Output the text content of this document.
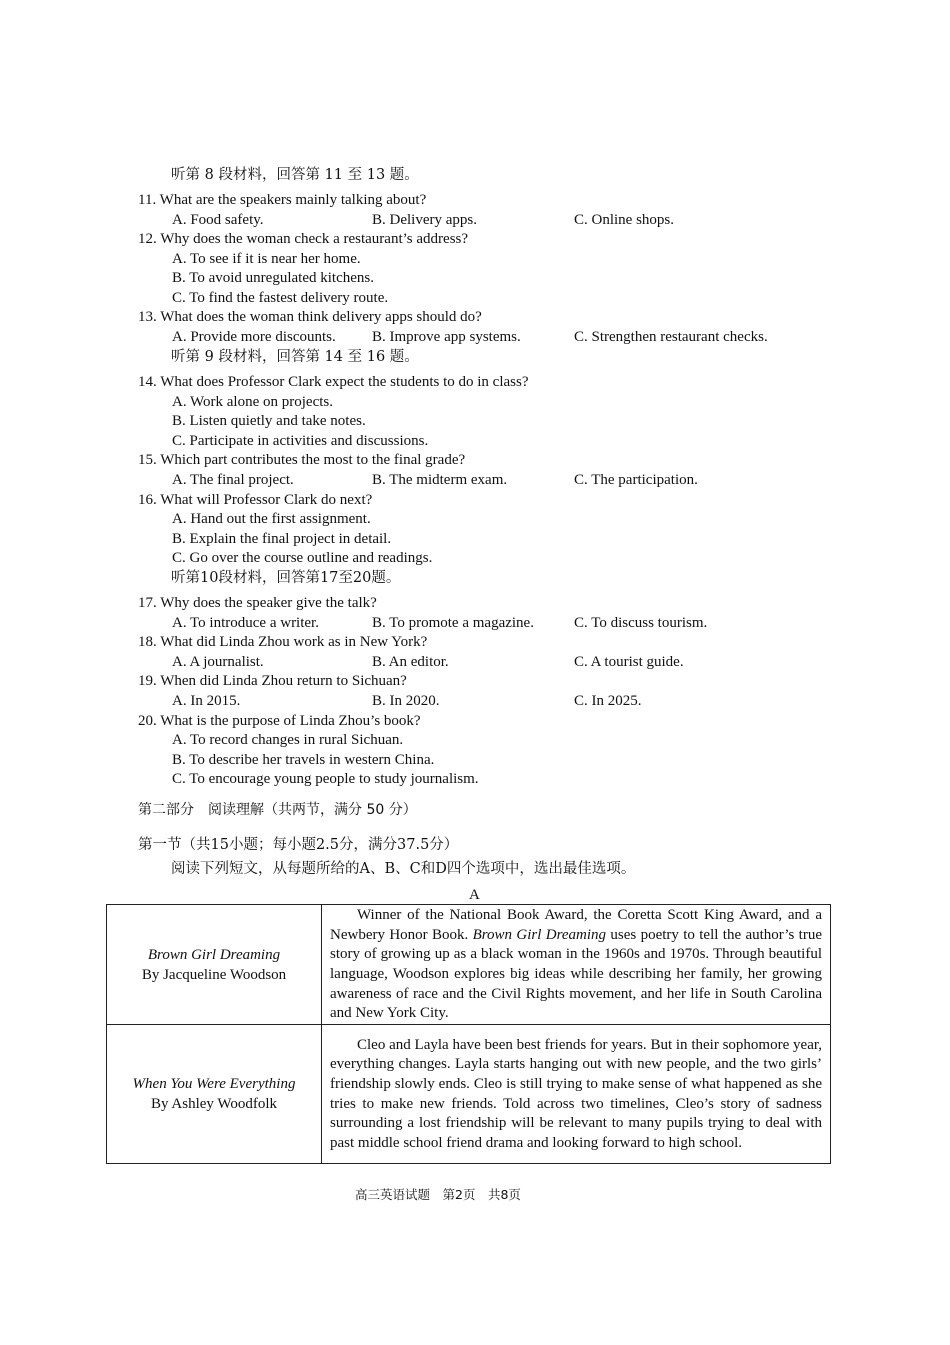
听第 8 段材料，回答第 11 至 13 题。
11. What are the speakers mainly talking about?
A. Food safety.	B. Delivery apps.	C. Online shops.
12. Why does the woman check a restaurant’s address?
A. To see if it is near her home.
B. To avoid unregulated kitchens.
C. To find the fastest delivery route.
13. What does the woman think delivery apps should do?
A. Provide more discounts. B. Improve app systems.	C. Strengthen restaurant checks.
听第 9 段材料，回答第 14 至 16 题。
14. What does Professor Clark expect the students to do in class?
A. Work alone on projects.
B. Listen quietly and take notes.
C. Participate in activities and discussions.
15. Which part contributes the most to the final grade?
A. The final project.	B. The midterm exam.	C. The participation.
16. What will Professor Clark do next?
A. Hand out the first assignment.
B. Explain the final project in detail.
C. Go over the course outline and readings.
听第10段材料，回答第17至20题。
17. Why does the speaker give the talk?
A. To introduce a writer.	B. To promote a magazine.	C. To discuss tourism.
18. What did Linda Zhou work as in New York?
A. A journalist.	B. An editor.	C. A tourist guide.
19. When did Linda Zhou return to Sichuan?
A. In 2015.	B. In 2020.	C. In 2025.
20. What is the purpose of Linda Zhou’s book?
A. To record changes in rural Sichuan.
B. To describe her travels in western China.
C. To encourage young people to study journalism.
第二部分　阅读理解（共两节，满分 50 分）
第一节（共15小题；每小题2.5分，满分37.5分）
阅读下列短文，从每题所给的A、B、C和D四个选项中，选出最佳选项。
A
Brown Girl Dreaming
By Jacqueline Woodson	Winner of the National Book Award, the Coretta Scott King Award, and a Newbery Honor Book. Brown Girl Dreaming uses poetry to tell the author’s true story of growing up as a black woman in the 1960s and 1970s. Through beautiful language, Woodson explores big ideas while describing her family, her growing awareness of race and the Civil Rights movement, and her life in South Carolina and New York City.

When You Were Everything
By Ashley Woodfolk	Cleo and Layla have been best friends for years. But in their sophomore year, everything changes. Layla starts hanging out with new people, and the two girls’ friendship slowly ends. Cleo is still trying to make sense of what happened as she tries to make new friends. Told across two timelines, Cleo’s story of sadness surrounding a lost friendship will be relevant to many pupils trying to deal with past middle school friend drama and looking forward to high school.
高三英语试题　第2页　共8页
